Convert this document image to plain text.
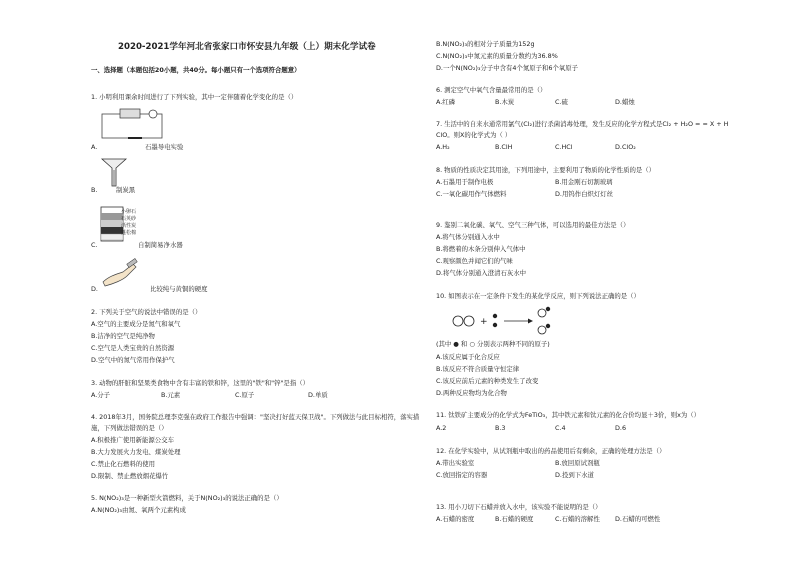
2020-2021学年河北省张家口市怀安县九年级（上）期末化学试卷
一、选择题（本题包括20小题，共40分。每小题只有一个选项符合题意）
1. 小明利用课余时间进行了下列实验，其中一定伴随着化学变化的是（）
A.	石墨导电实验
B.	制炭黑
小卵石
石英砂
活性炭
蓬松棉
C.	自制简易净水器
D.	比较纯与黄铜的硬度
2. 下列关于空气的说法中错误的是（）
A.空气的主要成分是氮气和氧气
B.洁净的空气是纯净物
C.空气是人类宝贵的自然资源
D.空气中的氮气常用作保护气
3. 动物的肝脏和坚果类食物中含有丰富的铁和锌，这里的"铁"和"锌"是指（）
A.分子	B.元素	C.原子	D.单质
4. 2018年3月，国务院总理李克强在政府工作报告中强调："坚决打好蓝天保卫战"。下列做法与此目标相符，落实措
施，下列做法错误的是（）
A.积极推广使用新能源公交车
B.大力发展火力发电、煤炭处理
C.禁止化石燃料的使用
D.限制、禁止燃放烟花爆竹
5. N(NO₂)₃是一种新型火箭燃料，关于N(NO₂)₃的说法正确的是（）
A.N(NO₂)₃由氮、氧两个元素构成
B.N(NO₂)₃的相对分子质量为152g
C.N(NO₂)₃中氮元素的质量分数约为36.8%
D.一个N(NO₂)₃分子中含有4个氮原子和6个氧原子
6. 测定空气中氧气含量最常用的是（）
A.红磷	B.木炭	C.硫	D.蜡烛
7. 生活中的自来水通常用氯气(Cl₂)进行杀菌消毒处理，发生反应的化学方程式是Cl₂ + H₂O = = X + H
ClO。则X的化学式为（ ）
A.H₂	B.ClH	C.HCl	D.ClO₂
8. 物质的性质决定其用途，下列用途中，主要利用了物质的化学性质的是（）
A.石墨用于制作电极	B.用金刚石切割玻璃
C.一氧化碳用作气体燃料	D.用钨作白炽灯灯丝
9. 鉴别二氧化碳、氧气、空气三种气体，可以选用的最佳方法是（）
A.将气体分别通入水中
B.将燃着的木条分别伸入气体中
C.观察颜色并闻它们的气味
D.将气体分别通入澄清石灰水中
10. 如图表示在一定条件下发生的某化学反应，则下列说法正确的是（）
+
(其中 ● 和 ○ 分别表示两种不同的原子)
A.该反应属于化合反应
B.该反应不符合质量守恒定律
C.该反应前后元素的种类发生了改变
D.两种反应物均为化合物
11. 钛铁矿主要成分的化学式为FeTiO₃，其中铁元素和钛元素的化合价均显＋3价，则x为（）
A.2	B.3	C.4	D.6
12. 在化学实验中，从试剂瓶中取出的药品使用后有剩余，正确的处理方法是（）
A.带出实验室	B.放回原试剂瓶
C.放回指定的容器	D.投到下水道
13. 用小刀切下石蜡并放入水中，该实验不能说明的是（）
A.石蜡的密度	B.石蜡的硬度	C.石蜡的溶解性 D.石蜡的可燃性
